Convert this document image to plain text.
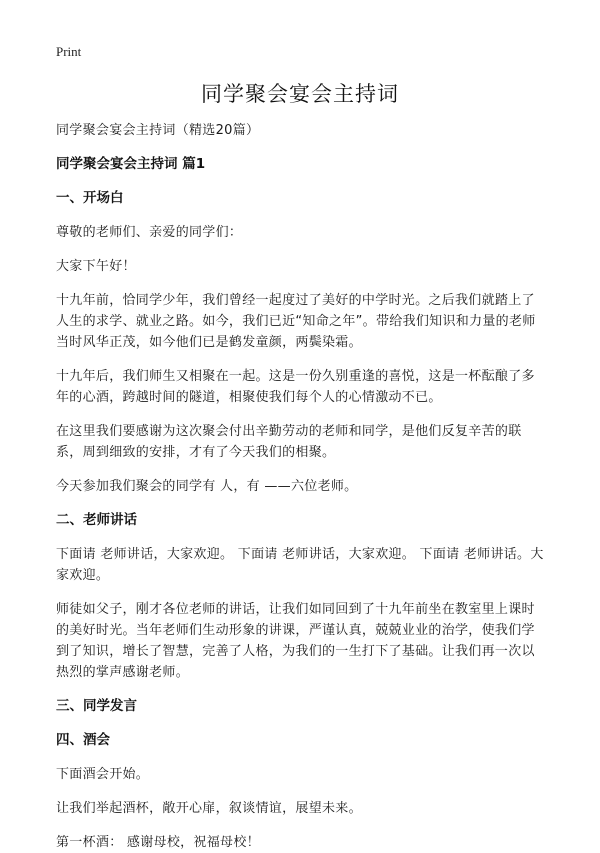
Print
同学聚会宴会主持词

同学聚会宴会主持词（精选20篇）

同学聚会宴会主持词 篇1

一、开场白

尊敬的老师们、亲爱的同学们：

大家下午好！

十九年前，恰同学少年，我们曾经一起度过了美好的中学时光。之后我们就踏上了人生的求学、就业之路。如今，我们已近“知命之年”。带给我们知识和力量的老师当时风华正茂，如今他们已是鹤发童颜，两鬓染霜。

十九年后，我们师生又相聚在一起。这是一份久别重逢的喜悦，这是一杯酝酿了多年的心酒，跨越时间的隧道，相聚使我们每个人的心情激动不已。

在这里我们要感谢为这次聚会付出辛勤劳动的老师和同学，是他们反复辛苦的联系，周到细致的安排，才有了今天我们的相聚。

今天参加我们聚会的同学有 人，有 ——六位老师。

二、老师讲话

下面请 老师讲话，大家欢迎。 下面请 老师讲话，大家欢迎。 下面请 老师讲话。大家欢迎。

师徒如父子，刚才各位老师的讲话，让我们如同回到了十九年前坐在教室里上课时的美好时光。当年老师们生动形象的讲课，严谨认真，兢兢业业的治学，使我们学到了知识，增长了智慧，完善了人格，为我们的一生打下了基础。让我们再一次以热烈的掌声感谢老师。

三、同学发言

四、酒会

下面酒会开始。

让我们举起酒杯，敞开心扉，叙谈情谊，展望未来。

第一杯酒： 感谢母校，祝福母校！
